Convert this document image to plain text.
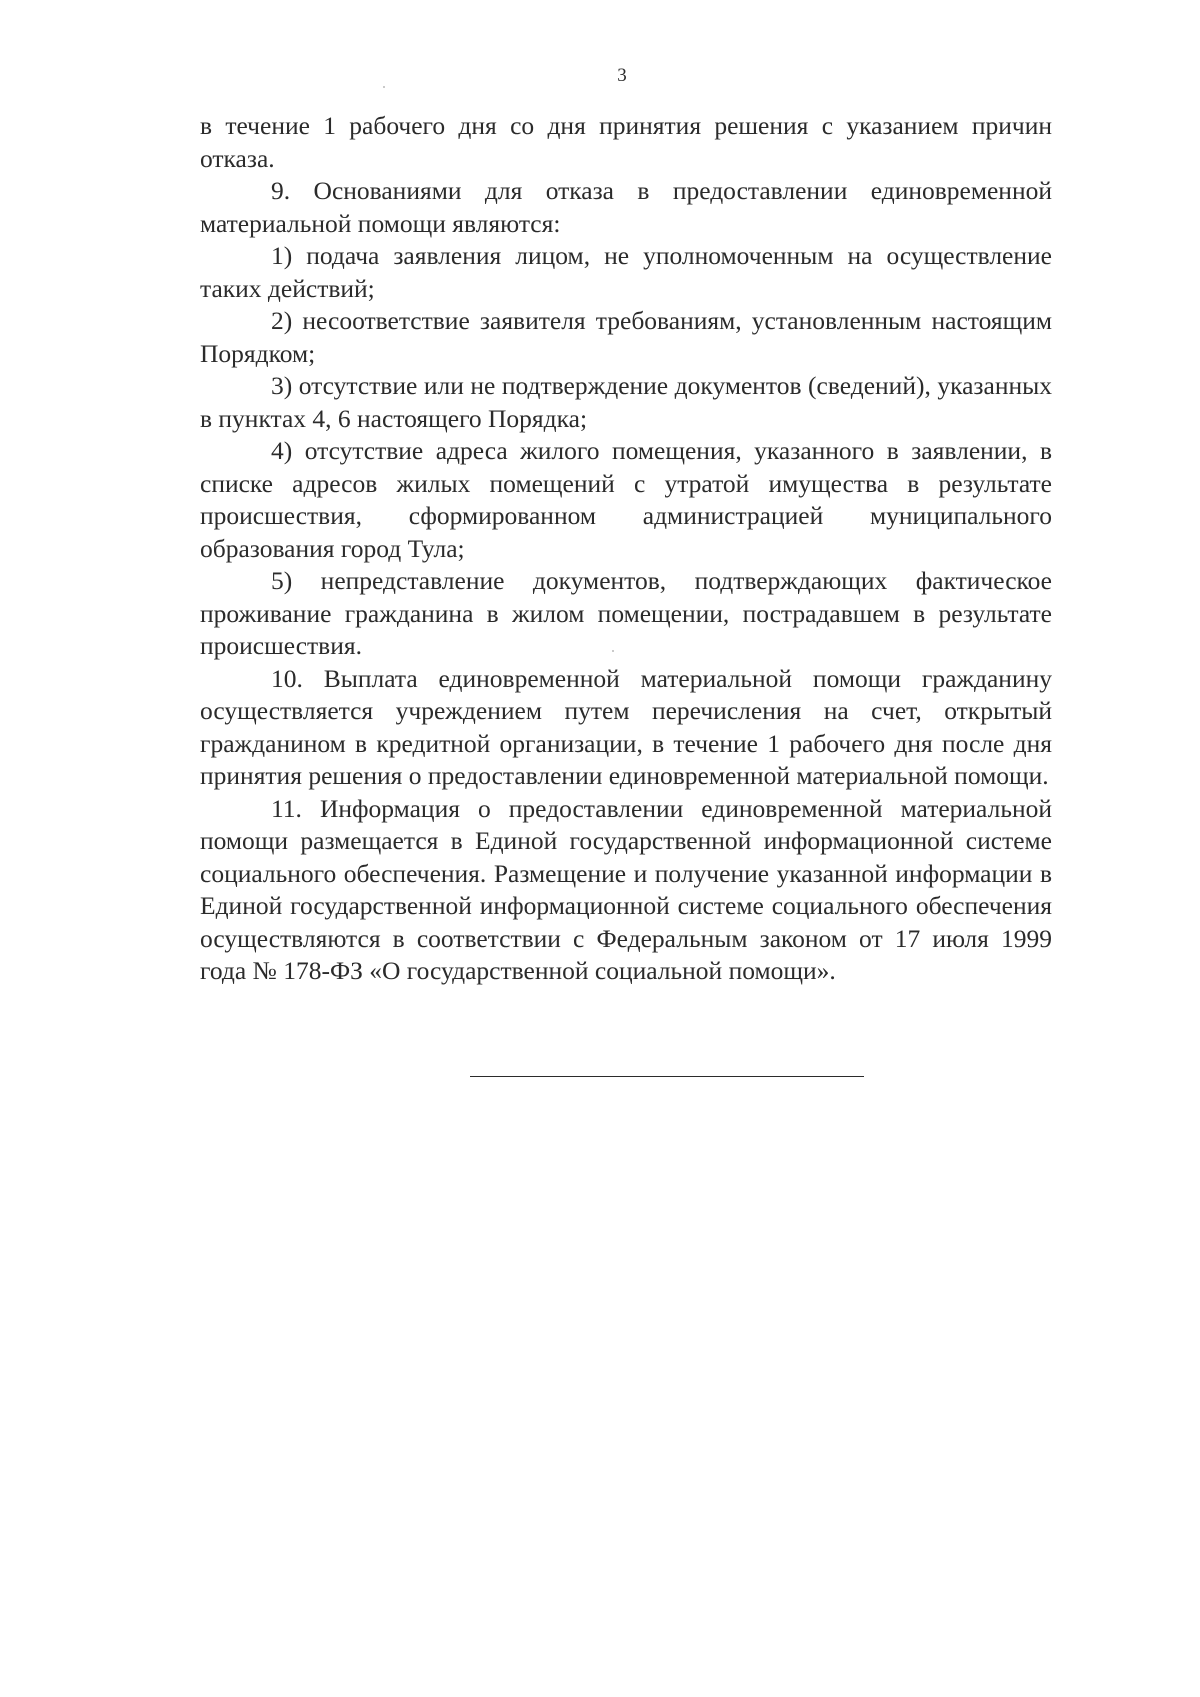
3

в течение 1 рабочего дня со дня принятия решения с указанием причин отказа.

9. Основаниями для отказа в предоставлении единовременной материальной помощи являются:

1) подача заявления лицом, не уполномоченным на осуществление таких действий;

2) несоответствие заявителя требованиям, установленным настоящим Порядком;

3) отсутствие или не подтверждение документов (сведений), указанных в пунктах 4, 6 настоящего Порядка;

4) отсутствие адреса жилого помещения, указанного в заявлении, в списке адресов жилых помещений с утратой имущества в результате происшествия, сформированном администрацией муниципального образования город Тула;

5) непредставление документов, подтверждающих фактическое проживание гражданина в жилом помещении, пострадавшем в результате происшествия.

10. Выплата единовременной материальной помощи гражданину осуществляется учреждением путем перечисления на счет, открытый гражданином в кредитной организации, в течение 1 рабочего дня после дня принятия решения о предоставлении единовременной материальной помощи.

11. Информация о предоставлении единовременной материальной помощи размещается в Единой государственной информационной системе социального обеспечения. Размещение и получение указанной информации в Единой государственной информационной системе социального обеспечения осуществляются в соответствии с Федеральным законом от 17 июля 1999 года № 178-ФЗ «О государственной социальной помощи».
